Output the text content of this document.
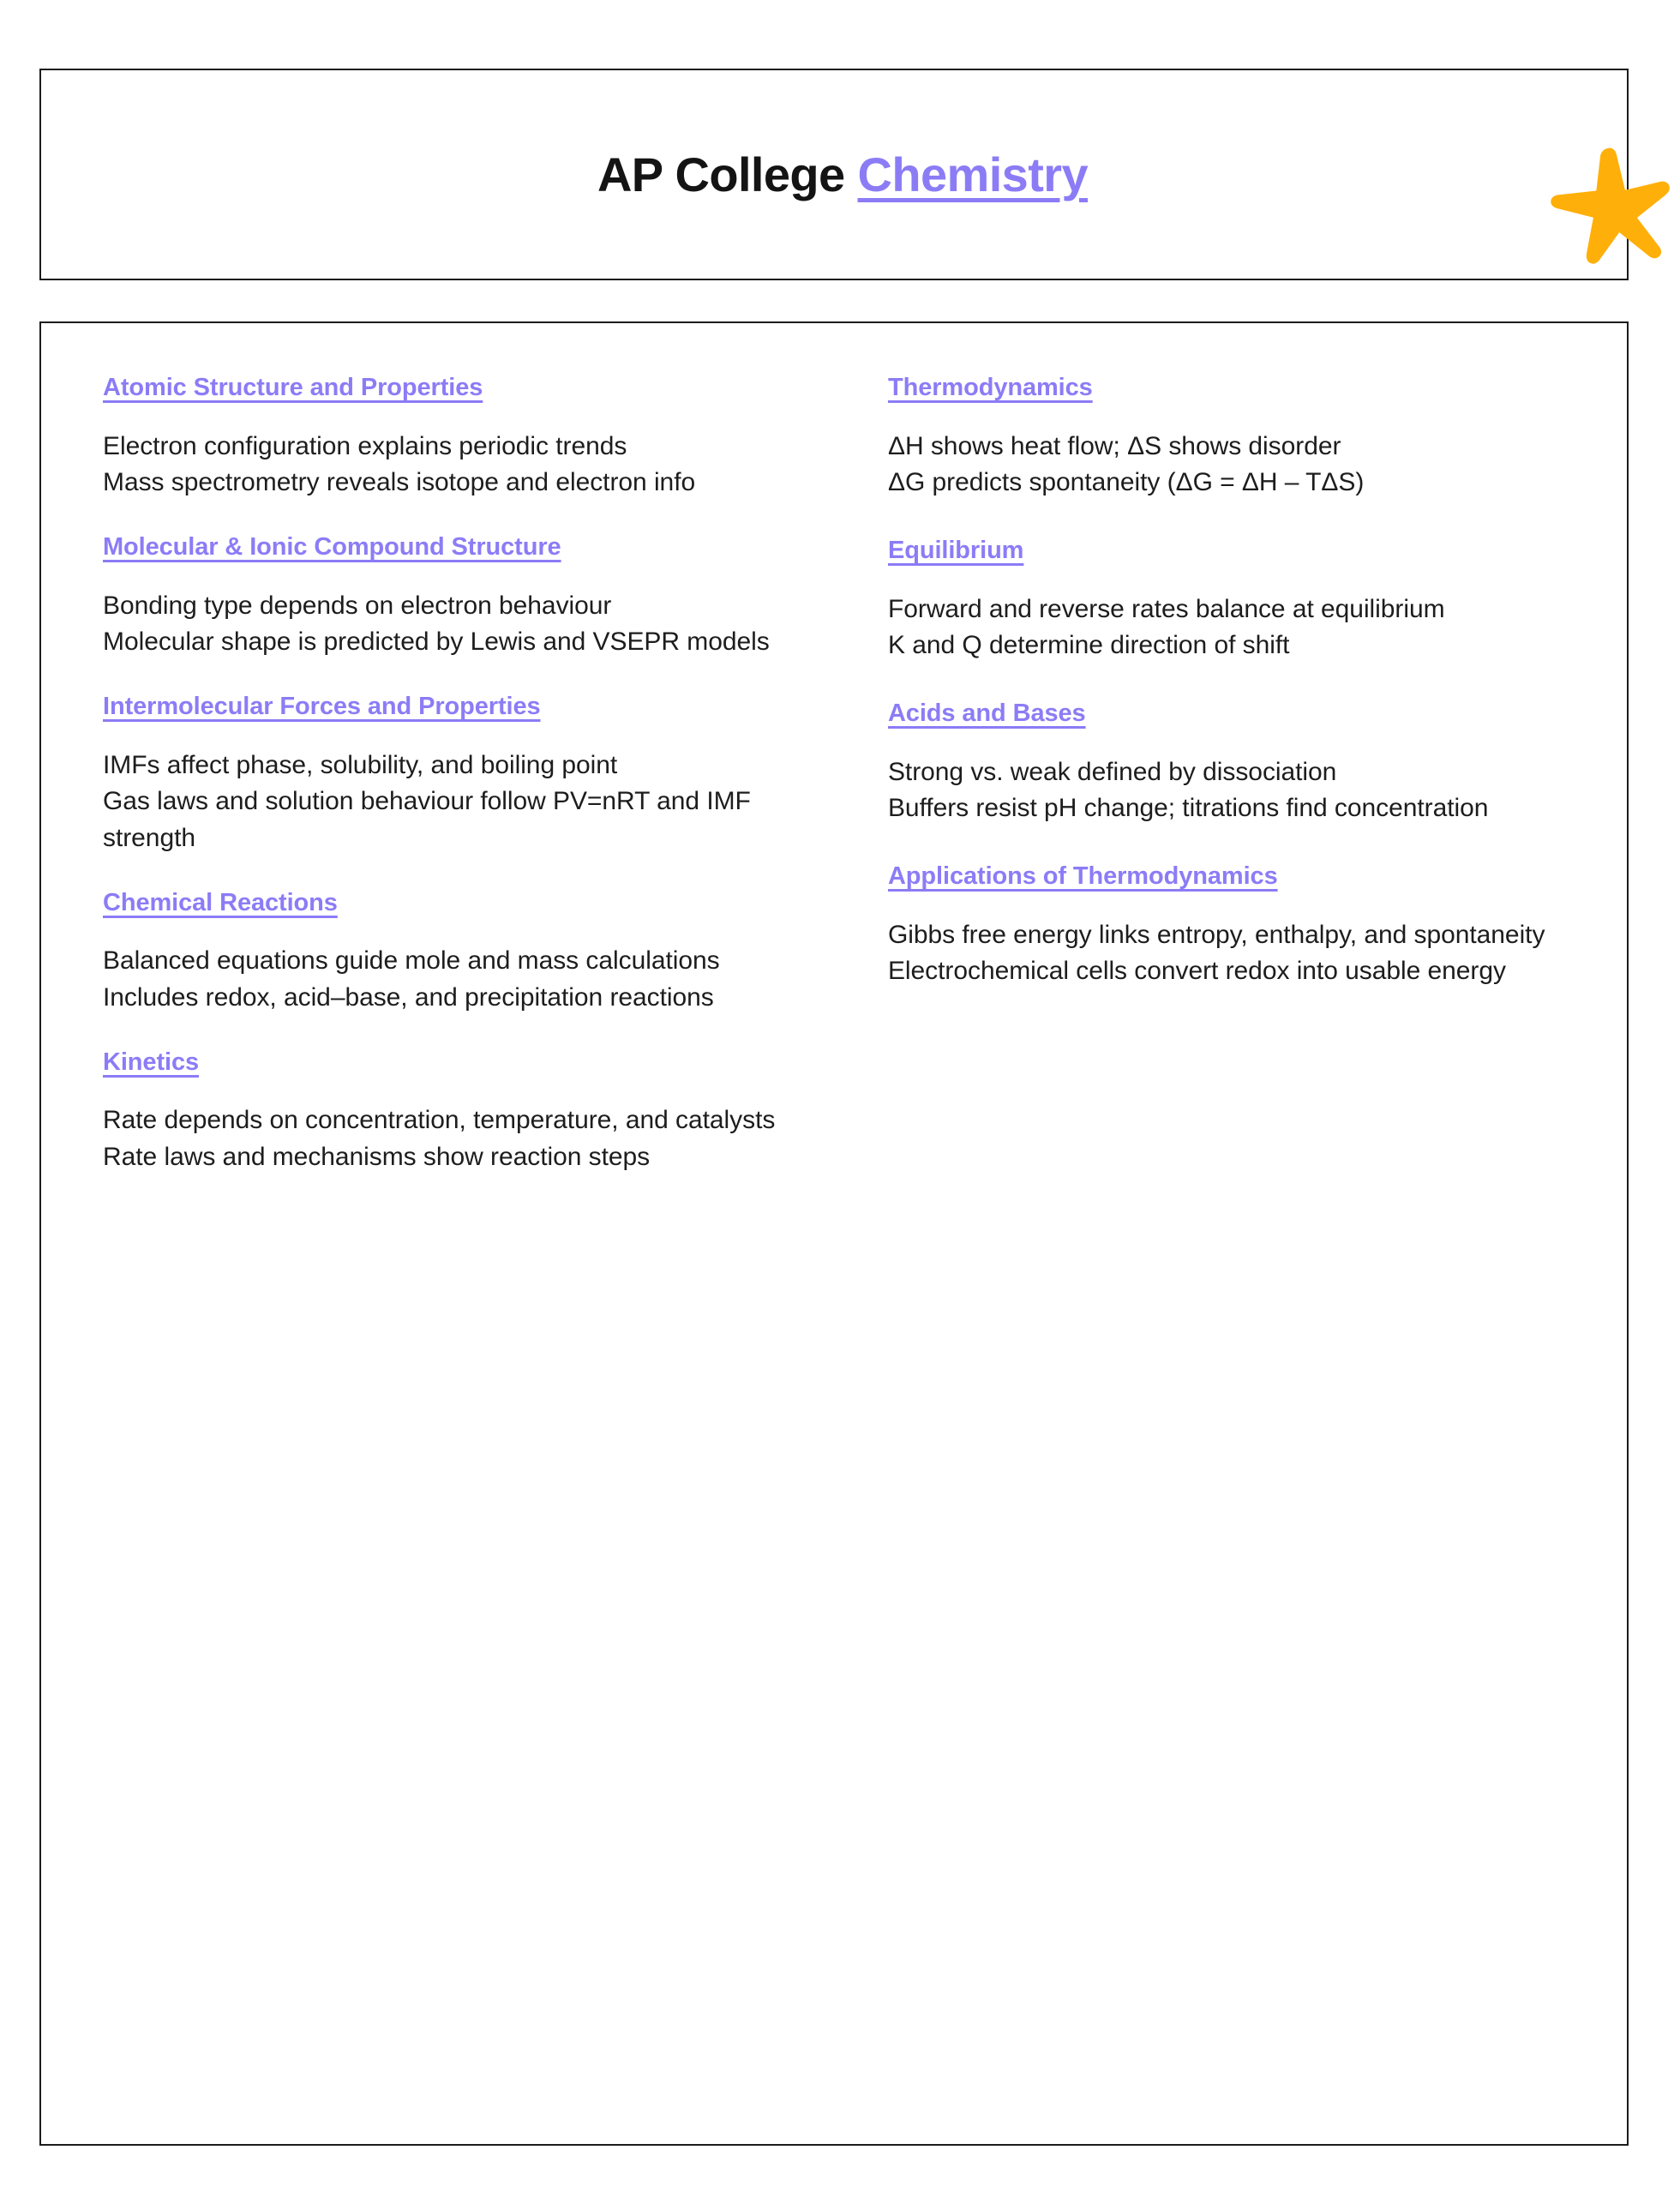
AP College Chemistry
Atomic Structure and Properties

Electron configuration explains periodic trends

Mass spectrometry reveals isotope and electron info

Molecular & Ionic Compound Structure

Bonding type depends on electron behaviour

Molecular shape is predicted by Lewis and VSEPR models

Intermolecular Forces and Properties

IMFs affect phase, solubility, and boiling point

Gas laws and solution behaviour follow PV=nRT and IMF strength

Chemical Reactions

Balanced equations guide mole and mass calculations

Includes redox, acid–base, and precipitation reactions

Kinetics

Rate depends on concentration, temperature, and catalysts

Rate laws and mechanisms show reaction steps

Thermodynamics

ΔH shows heat flow; ΔS shows disorder

ΔG predicts spontaneity (ΔG = ΔH – TΔS)

Equilibrium

Forward and reverse rates balance at equilibrium

K and Q determine direction of shift

Acids and Bases

Strong vs. weak defined by dissociation

Buffers resist pH change; titrations find concentration

Applications of Thermodynamics

Gibbs free energy links entropy, enthalpy, and spontaneity

Electrochemical cells convert redox into usable energy
